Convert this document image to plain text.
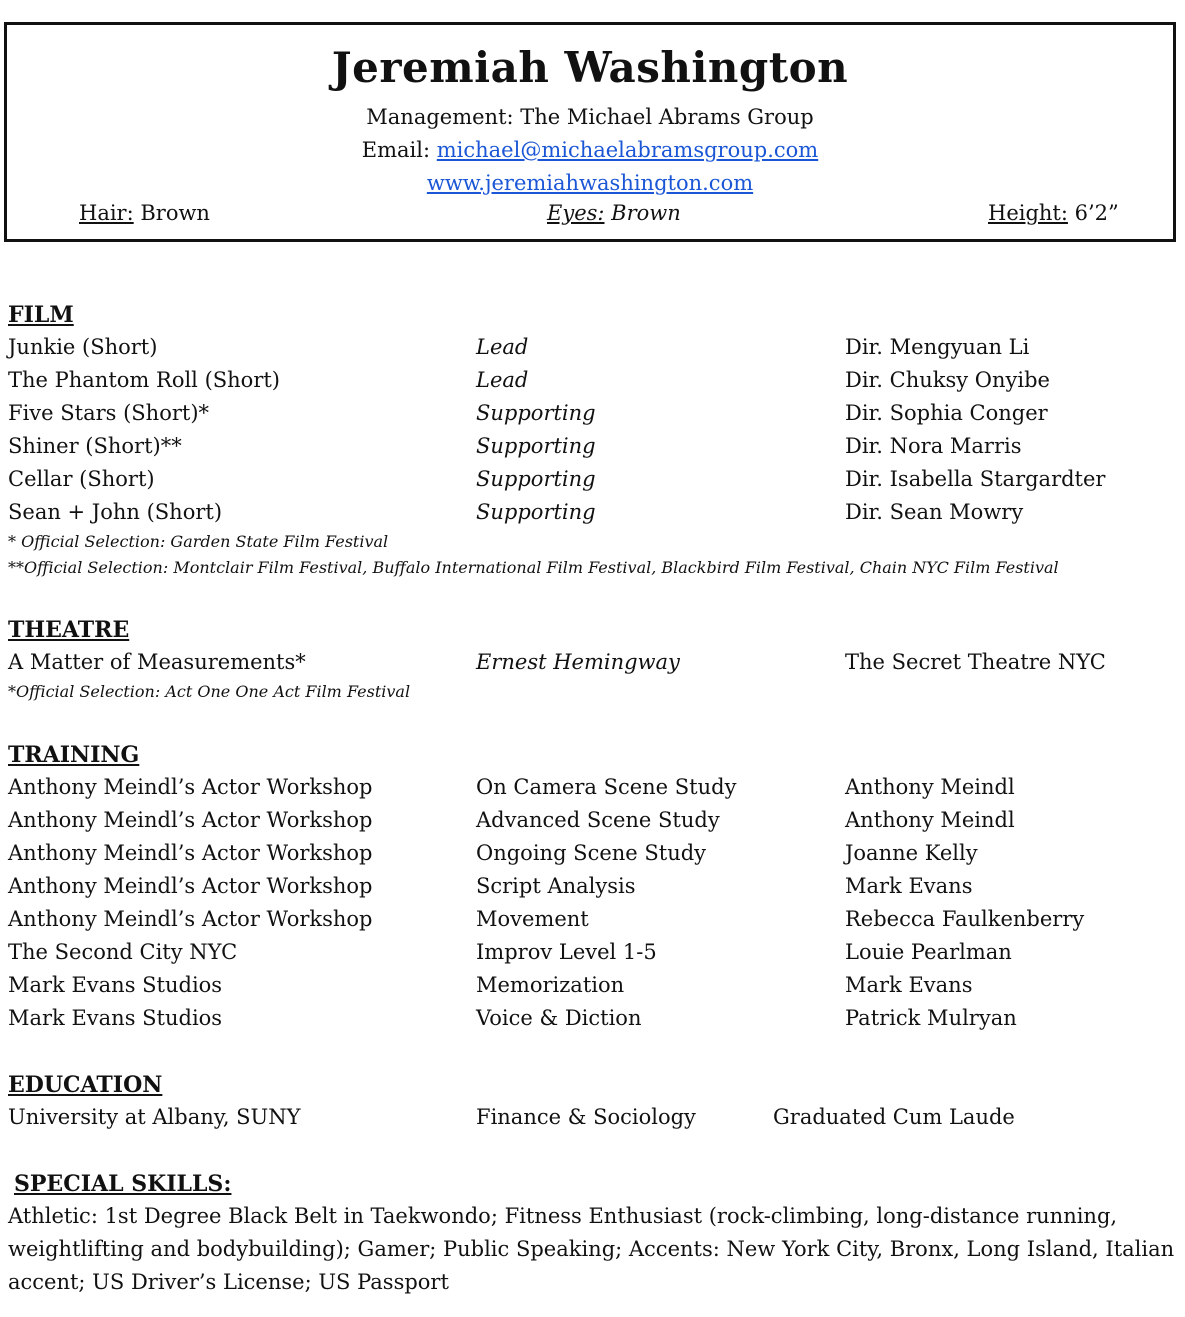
Jeremiah Washington
Management: The Michael Abrams Group
Email: michael@michaelabramsgroup.com
www.jeremiahwashington.com
Hair: Brown	Eyes: Brown	Height: 6’2”
FILM
Junkie (Short)	Lead	Dir. Mengyuan Li
The Phantom Roll (Short)	Lead	Dir. Chuksy Onyibe
Five Stars (Short)*	Supporting	Dir. Sophia Conger
Shiner (Short)**	Supporting	Dir. Nora Marris
Cellar (Short)	Supporting	Dir. Isabella Stargardter
Sean + John (Short)	Supporting	Dir. Sean Mowry
* Official Selection: Garden State Film Festival
**Official Selection: Montclair Film Festival, Buffalo International Film Festival, Blackbird Film Festival, Chain NYC Film Festival
THEATRE
A Matter of Measurements*	Ernest Hemingway	The Secret Theatre NYC
*Official Selection: Act One One Act Film Festival
TRAINING
Anthony Meindl’s Actor Workshop	On Camera Scene Study	Anthony Meindl
Anthony Meindl’s Actor Workshop	Advanced Scene Study	Anthony Meindl
Anthony Meindl’s Actor Workshop	Ongoing Scene Study	Joanne Kelly
Anthony Meindl’s Actor Workshop	Script Analysis	Mark Evans
Anthony Meindl’s Actor Workshop	Movement	Rebecca Faulkenberry
The Second City NYC	Improv Level 1-5	Louie Pearlman
Mark Evans Studios	Memorization	Mark Evans
Mark Evans Studios	Voice & Diction	Patrick Mulryan
EDUCATION
University at Albany, SUNY	Finance & Sociology	Graduated Cum Laude
SPECIAL SKILLS:
Athletic: 1st Degree Black Belt in Taekwondo; Fitness Enthusiast (rock-climbing, long-distance running, weightlifting and bodybuilding); Gamer; Public Speaking; Accents: New York City, Bronx, Long Island, Italian accent; US Driver’s License; US Passport
